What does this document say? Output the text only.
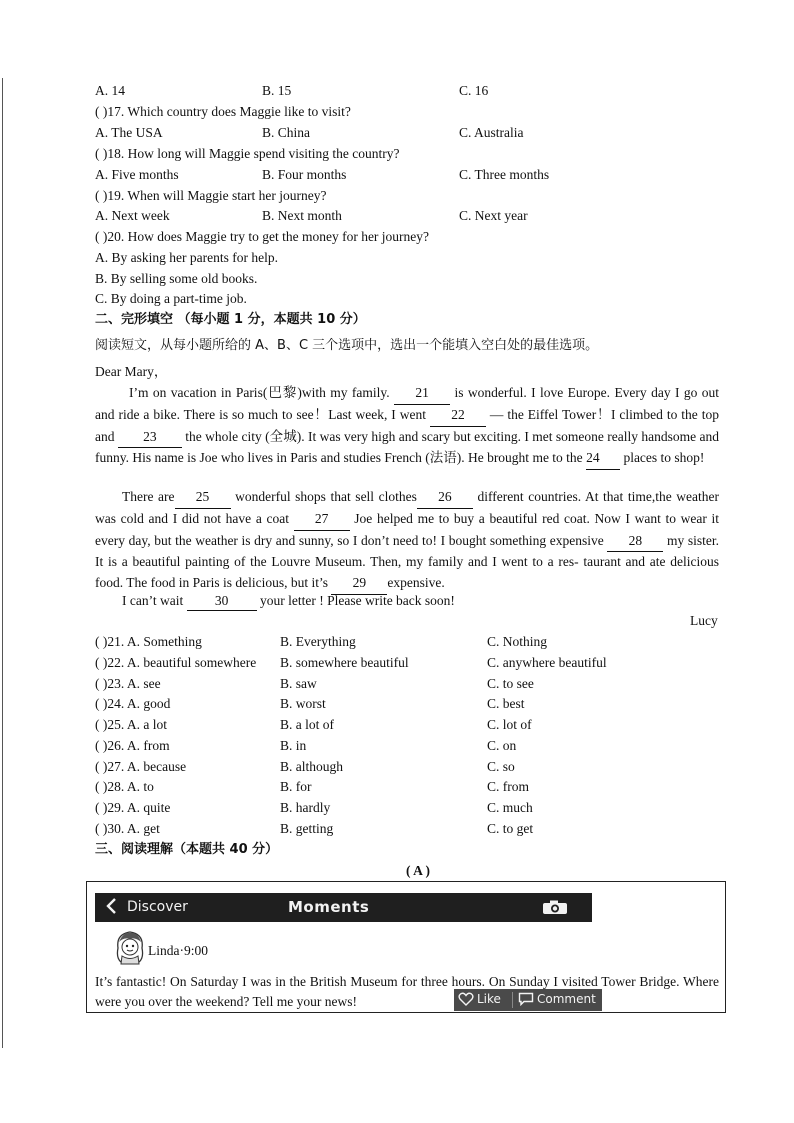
A. 14	B. 15	C. 16
( )17. Which country does Maggie like to visit?
A. The USA	B. China	C. Australia
( )18. How long will Maggie spend visiting the country?
A. Five months	B. Four months	C. Three months
( )19. When will Maggie start her journey?
A. Next week	B. Next month	C. Next year
( )20. How does Maggie try to get the money for her journey?
A. By asking her parents for help.
B. By selling some old books.
C. By doing a part-time job.
二、完形填空 （每小题 1 分，本题共 10 分）
阅读短文，从每小题所给的 A、B、C 三个选项中，选出一个能填入空白处的最佳选项。
Dear Mary，
I’m on vacation in Paris(巴黎)with my family. 21 is wonderful. I love Europe. Every day I go out and ride a bike. There is so much to see！Last week, I went 22 — the Eiffel Tower！I climbed to the top and 23 the whole city (全城). It was very high and scary but exciting. I met someone really handsome and funny. His name is Joe who lives in Paris and studies French (法语). He brought me to the 24 places to shop!
There are 25 wonderful shops that sell clothes 26 different countries. At that time,the weather was cold and I did not have a coat 27 Joe helped me to buy a beautiful red coat. Now I want to wear it every day, but the weather is dry and sunny, so I don’t need to! I bought something expensive 28 my sister. It is a beautiful painting of the Louvre Museum. Then, my family and I went to a res- taurant and ate delicious food. The food in Paris is delicious, but it’s 29 expensive.
I can’t wait 30 your letter ! Please write back soon!
Lucy
( )21. A. Something	B. Everything	C. Nothing
( )22. A. beautiful somewhere B. somewhere beautiful	C. anywhere beautiful
( )23. A. see	B. saw	C. to see
( )24. A. good	B. worst	C. best
( )25. A. a lot	B. a lot of	C. lot of
( )26. A. from	B. in	C. on
( )27. A. because	B. although	C. so
( )28. A. to	B. for	C. from
( )29. A. quite	B. hardly	C. much
( )30. A. get	B. getting	C. to get
三、阅读理解（本题共 40 分）
( A )
Discover	Moments
Linda·9:00
It’s fantastic! On Saturday I was in the British Museum for three hours. On Sunday I visited Tower Bridge. Where were you over the weekend? Tell me your news!	Like	Comment
